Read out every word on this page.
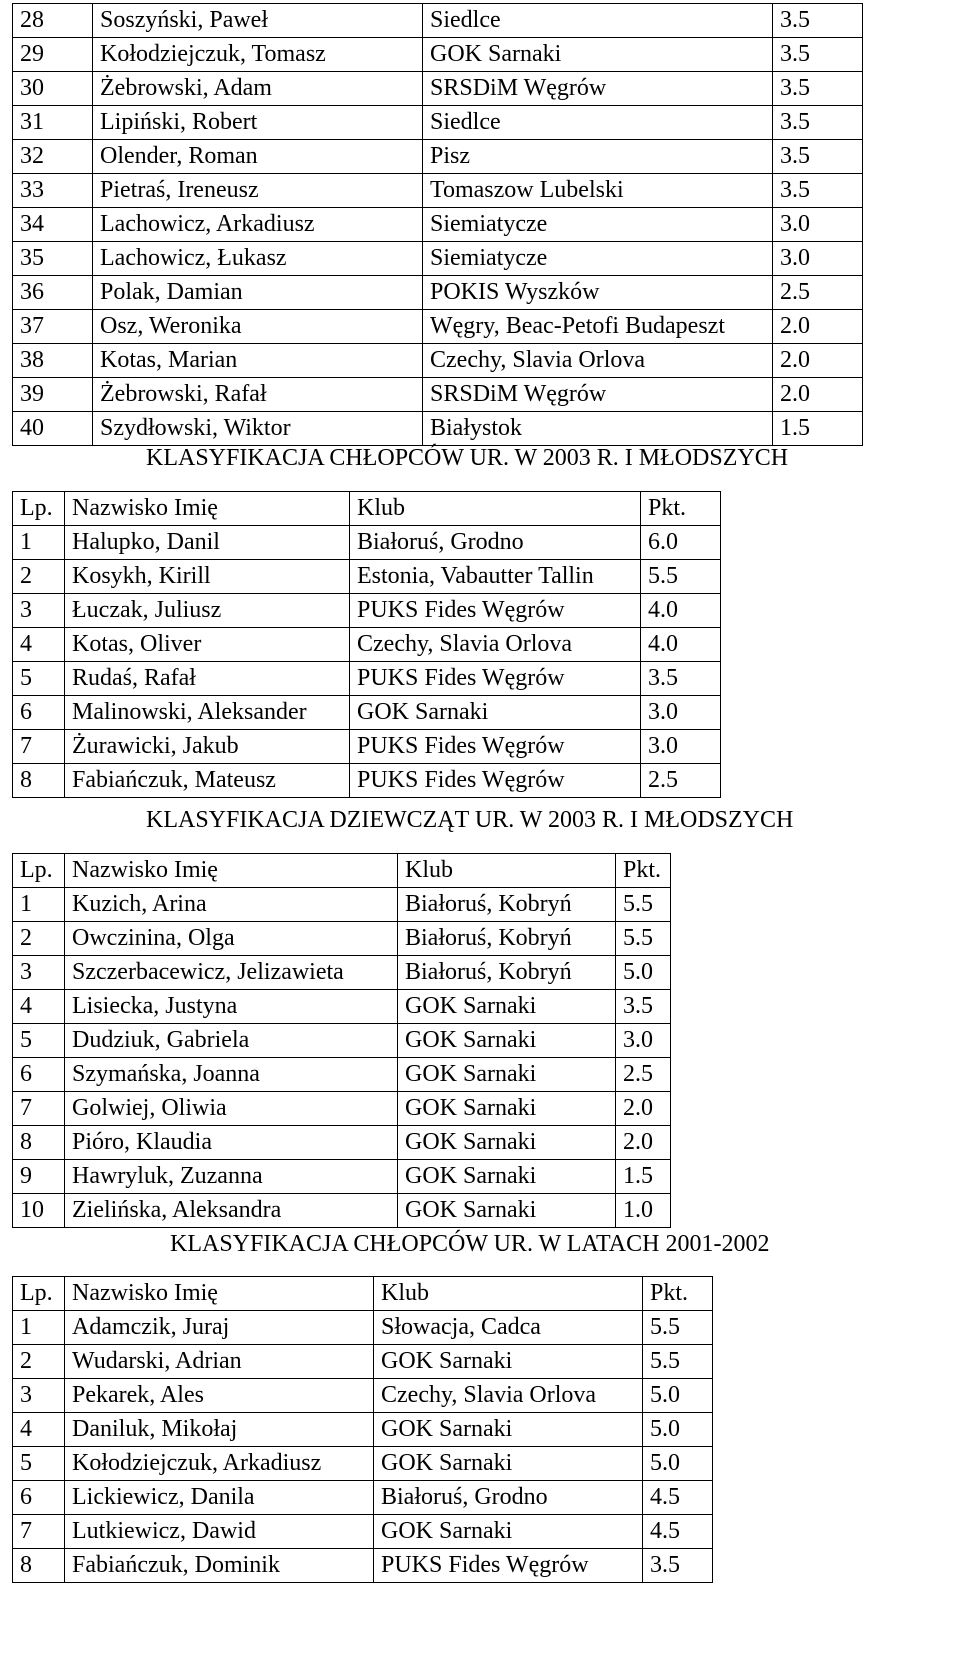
28	Soszyński, Paweł	Siedlce	3.5
29	Kołodziejczuk, Tomasz	GOK Sarnaki	3.5
30	Żebrowski, Adam	SRSDiM Węgrów	3.5
31	Lipiński, Robert	Siedlce	3.5
32	Olender, Roman	Pisz	3.5
33	Pietraś, Ireneusz	Tomaszow Lubelski	3.5
34	Lachowicz, Arkadiusz	Siemiatycze	3.0
35	Lachowicz, Łukasz	Siemiatycze	3.0
36	Polak, Damian	POKIS Wyszków	2.5
37	Osz, Weronika	Węgry, Beac-Petofi Budapeszt	2.0
38	Kotas, Marian	Czechy, Slavia Orlova	2.0
39	Żebrowski, Rafał	SRSDiM Węgrów	2.0
40	Szydłowski, Wiktor	Białystok	1.5
KLASYFIKACJA CHŁOPCÓW UR. W 2003 R. I MŁODSZYCH
Lp.	Nazwisko Imię	Klub	Pkt.
1	Halupko, Danil	Białoruś, Grodno	6.0
2	Kosykh, Kirill	Estonia, Vabautter Tallin	5.5
3	Łuczak, Juliusz	PUKS Fides Węgrów	4.0
4	Kotas, Oliver	Czechy, Slavia Orlova	4.0
5	Rudaś, Rafał	PUKS Fides Węgrów	3.5
6	Malinowski, Aleksander	GOK Sarnaki	3.0
7	Żurawicki, Jakub	PUKS Fides Węgrów	3.0
8	Fabiańczuk, Mateusz	PUKS Fides Węgrów	2.5
KLASYFIKACJA DZIEWCZĄT UR. W 2003 R. I MŁODSZYCH
Lp.	Nazwisko Imię	Klub	Pkt.
1	Kuzich, Arina	Białoruś, Kobryń	5.5
2	Owczinina, Olga	Białoruś, Kobryń	5.5
3	Szczerbacewicz, Jelizawieta	Białoruś, Kobryń	5.0
4	Lisiecka, Justyna	GOK Sarnaki	3.5
5	Dudziuk, Gabriela	GOK Sarnaki	3.0
6	Szymańska, Joanna	GOK Sarnaki	2.5
7	Golwiej, Oliwia	GOK Sarnaki	2.0
8	Pióro, Klaudia	GOK Sarnaki	2.0
9	Hawryluk, Zuzanna	GOK Sarnaki	1.5
10	Zielińska, Aleksandra	GOK Sarnaki	1.0
KLASYFIKACJA CHŁOPCÓW UR. W LATACH 2001-2002
Lp.	Nazwisko Imię	Klub	Pkt.
1	Adamczik, Juraj	Słowacja, Cadca	5.5
2	Wudarski, Adrian	GOK Sarnaki	5.5
3	Pekarek, Ales	Czechy, Slavia Orlova	5.0
4	Daniluk, Mikołaj	GOK Sarnaki	5.0
5	Kołodziejczuk, Arkadiusz	GOK Sarnaki	5.0
6	Lickiewicz, Danila	Białoruś, Grodno	4.5
7	Lutkiewicz, Dawid	GOK Sarnaki	4.5
8	Fabiańczuk, Dominik	PUKS Fides Węgrów	3.5
